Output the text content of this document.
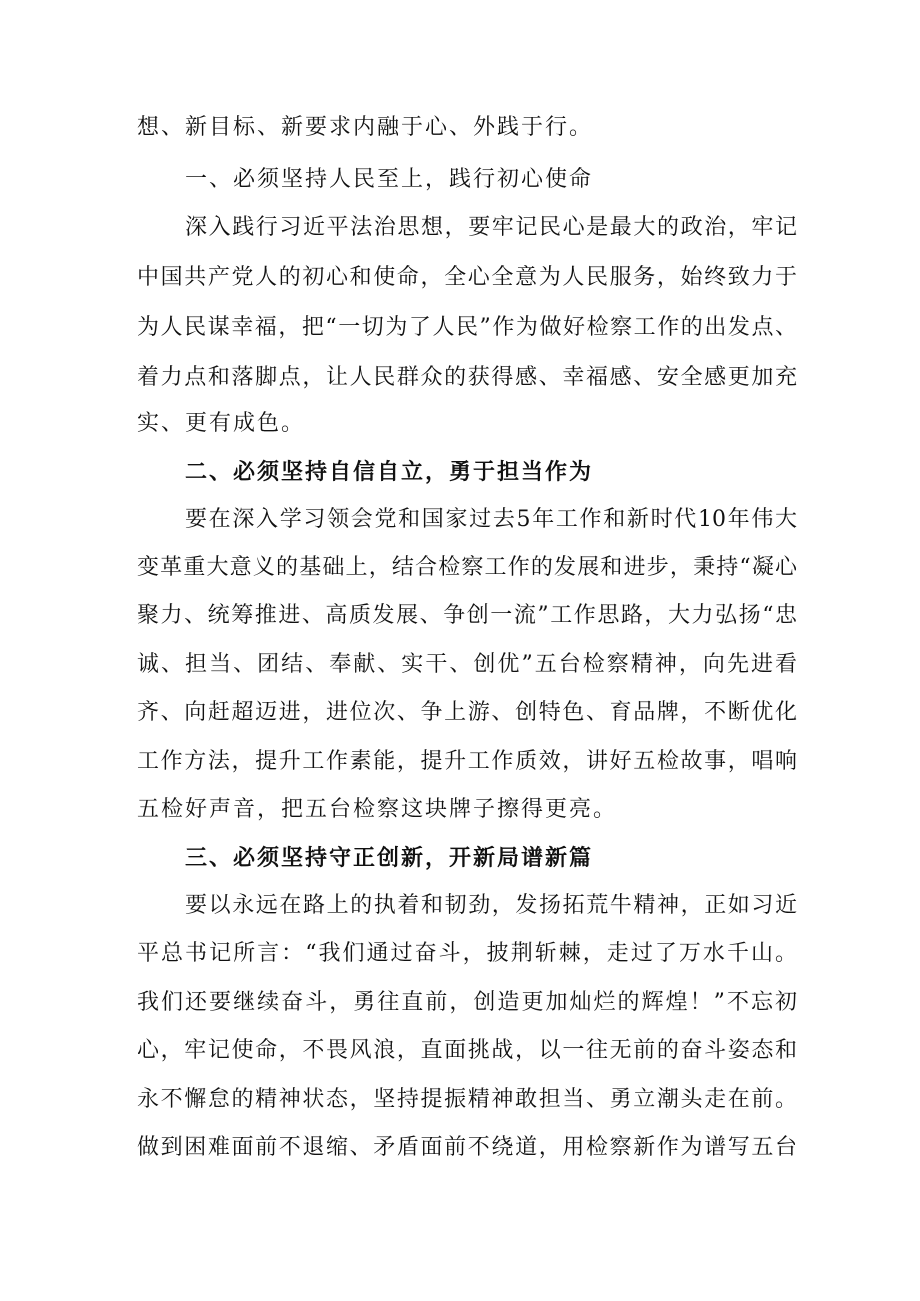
想、新目标、新要求内融于心、外践于行。
一、必须坚持人民至上，践行初心使命
深入践行习近平法治思想，要牢记民心是最大的政治，牢记
中国共产党人的初心和使命，全心全意为人民服务，始终致力于
为人民谋幸福，把“一切为了人民”作为做好检察工作的出发点、
着力点和落脚点，让人民群众的获得感、幸福感、安全感更加充
实、更有成色。
二、必须坚持自信自立，勇于担当作为
要在深入学习领会党和国家过去5年工作和新时代10年伟大
变革重大意义的基础上，结合检察工作的发展和进步，秉持“凝心
聚力、统筹推进、高质发展、争创一流”工作思路，大力弘扬“忠
诚、担当、团结、奉献、实干、创优”五台检察精神，向先进看
齐、向赶超迈进，进位次、争上游、创特色、育品牌，不断优化
工作方法，提升工作素能，提升工作质效，讲好五检故事，唱响
五检好声音，把五台检察这块牌子擦得更亮。
三、必须坚持守正创新，开新局谱新篇
要以永远在路上的执着和韧劲，发扬拓荒牛精神，正如习近
平总书记所言：“我们通过奋斗，披荆斩棘，走过了万水千山。
我们还要继续奋斗，勇往直前，创造更加灿烂的辉煌！”不忘初
心，牢记使命，不畏风浪，直面挑战，以一往无前的奋斗姿态和
永不懈怠的精神状态，坚持提振精神敢担当、勇立潮头走在前。
做到困难面前不退缩、矛盾面前不绕道，用检察新作为谱写五台
